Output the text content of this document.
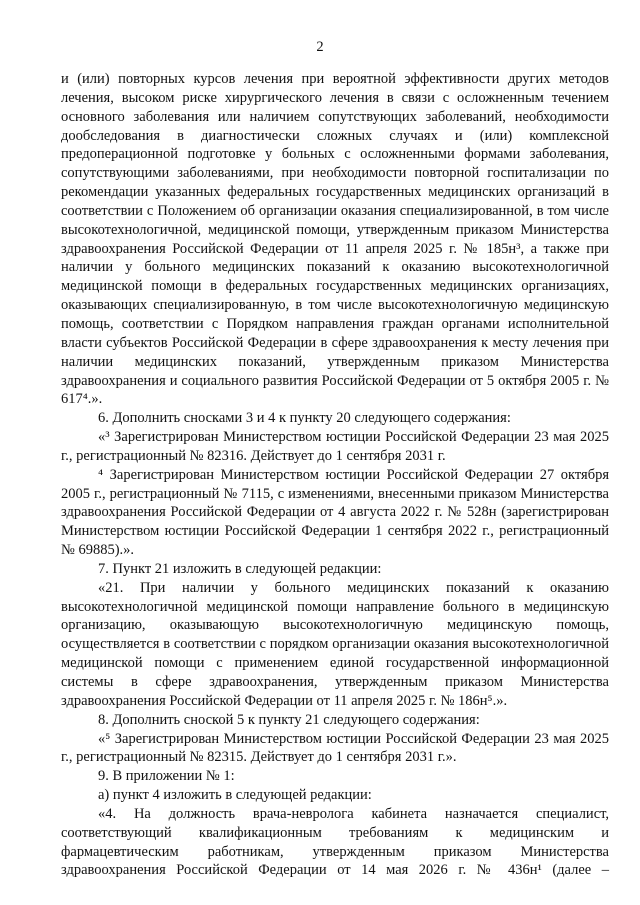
2

и (или) повторных курсов лечения при вероятной эффективности других методов лечения, высоком риске хирургического лечения в связи с осложненным течением основного заболевания или наличием сопутствующих заболеваний, необходимости дообследования в диагностически сложных случаях и (или) комплексной предоперационной подготовке у больных с осложненными формами заболевания, сопутствующими заболеваниями, при необходимости повторной госпитализации по рекомендации указанных федеральных государственных медицинских организаций в соответствии с Положением об организации оказания специализированной, в том числе высокотехнологичной, медицинской помощи, утвержденным приказом Министерства здравоохранения Российской Федерации от 11 апреля 2025 г. № 185н³, а также при наличии у больного медицинских показаний к оказанию высокотехнологичной медицинской помощи в федеральных государственных медицинских организациях, оказывающих специализированную, в том числе высокотехнологичную медицинскую помощь, соответствии с Порядком направления граждан органами исполнительной власти субъектов Российской Федерации в сфере здравоохранения к месту лечения при наличии медицинских показаний, утвержденным приказом Министерства здравоохранения и социального развития Российской Федерации от 5 октября 2005 г. № 617⁴.».

6. Дополнить сносками 3 и 4 к пункту 20 следующего содержания:

«³ Зарегистрирован Министерством юстиции Российской Федерации 23 мая 2025 г., регистрационный № 82316. Действует до 1 сентября 2031 г.

⁴ Зарегистрирован Министерством юстиции Российской Федерации 27 октября 2005 г., регистрационный № 7115, с изменениями, внесенными приказом Министерства здравоохранения Российской Федерации от 4 августа 2022 г. № 528н (зарегистрирован Министерством юстиции Российской Федерации 1 сентября 2022 г., регистрационный № 69885).».

7. Пункт 21 изложить в следующей редакции:

«21. При наличии у больного медицинских показаний к оказанию высокотехнологичной медицинской помощи направление больного в медицинскую организацию, оказывающую высокотехнологичную медицинскую помощь, осуществляется в соответствии с порядком организации оказания высокотехнологичной медицинской помощи с применением единой государственной информационной системы в сфере здравоохранения, утвержденным приказом Министерства здравоохранения Российской Федерации от 11 апреля 2025 г. № 186н⁵.».

8. Дополнить сноской 5 к пункту 21 следующего содержания:

«⁵ Зарегистрирован Министерством юстиции Российской Федерации 23 мая 2025 г., регистрационный № 82315. Действует до 1 сентября 2031 г.».

9. В приложении № 1:

а) пункт 4 изложить в следующей редакции:

«4. На должность врача-невролога кабинета назначается специалист, соответствующий квалификационным требованиям к медицинским и фармацевтическим работникам, утвержденным приказом Министерства здравоохранения Российской Федерации от 14 мая 2026 г. № 436н¹ (далее –
